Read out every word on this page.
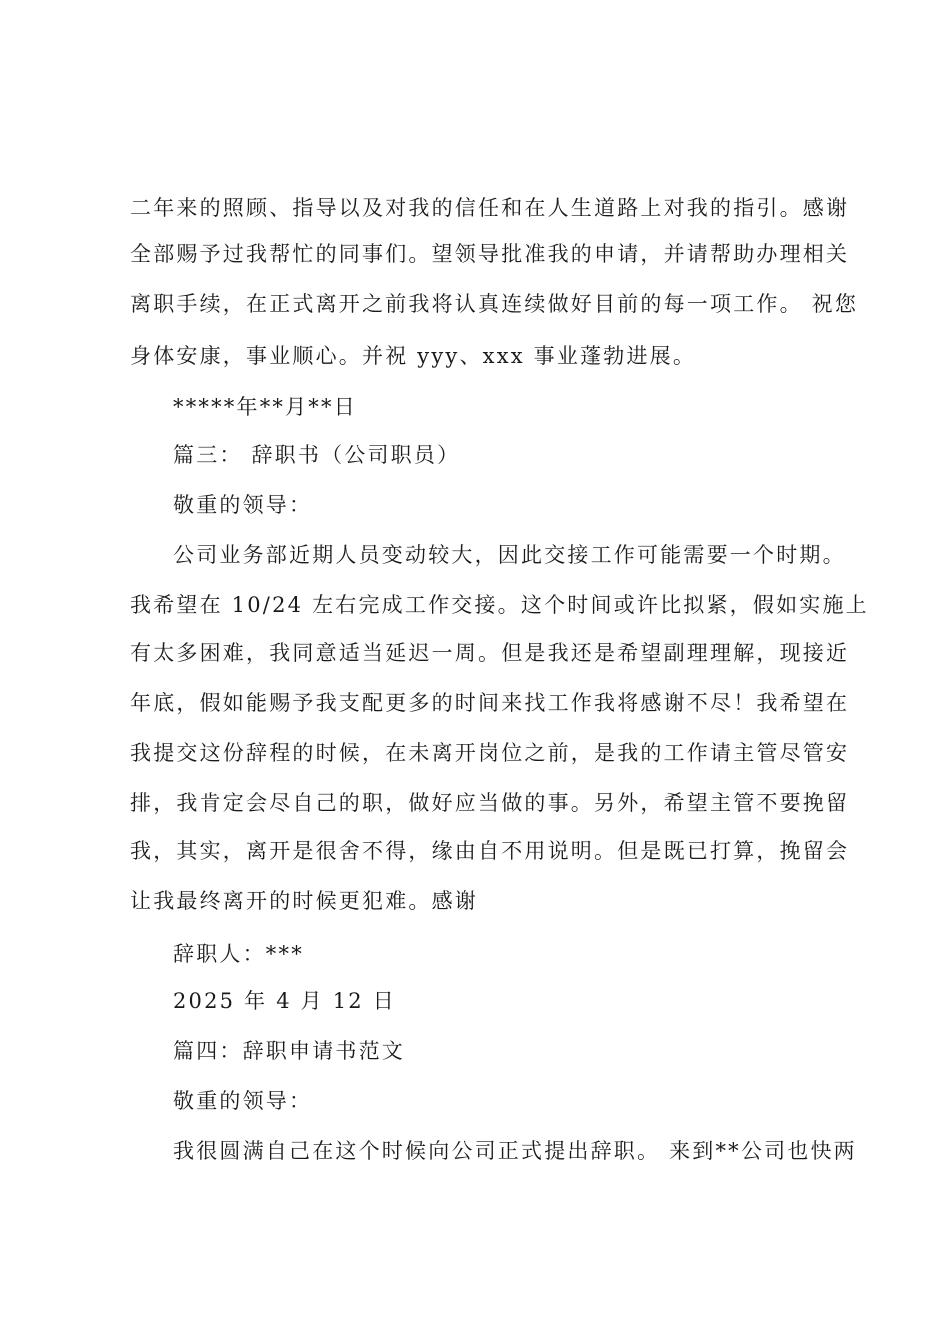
二年来的照顾、指导以及对我的信任和在人生道路上对我的指引。感谢
全部赐予过我帮忙的同事们。望领导批准我的申请，并请帮助办理相关
离职手续，在正式离开之前我将认真连续做好目前的每一项工作。 祝您
身体安康，事业顺心。并祝 yyy、xxx 事业蓬勃进展。
*****年**月**日
篇三： 辞职书（公司职员）
敬重的领导：
公司业务部近期人员变动较大，因此交接工作可能需要一个时期。
我希望在 10/24 左右完成工作交接。这个时间或许比拟紧，假如实施上
有太多困难，我同意适当延迟一周。但是我还是希望副理理解，现接近
年底，假如能赐予我支配更多的时间来找工作我将感谢不尽！我希望在
我提交这份辞程的时候，在未离开岗位之前，是我的工作请主管尽管安
排，我肯定会尽自己的职，做好应当做的事。另外，希望主管不要挽留
我，其实，离开是很舍不得，缘由自不用说明。但是既已打算，挽留会
让我最终离开的时候更犯难。感谢
辞职人：***
2025 年 4 月 12 日
篇四：辞职申请书范文
敬重的领导：
我很圆满自己在这个时候向公司正式提出辞职。 来到**公司也快两
